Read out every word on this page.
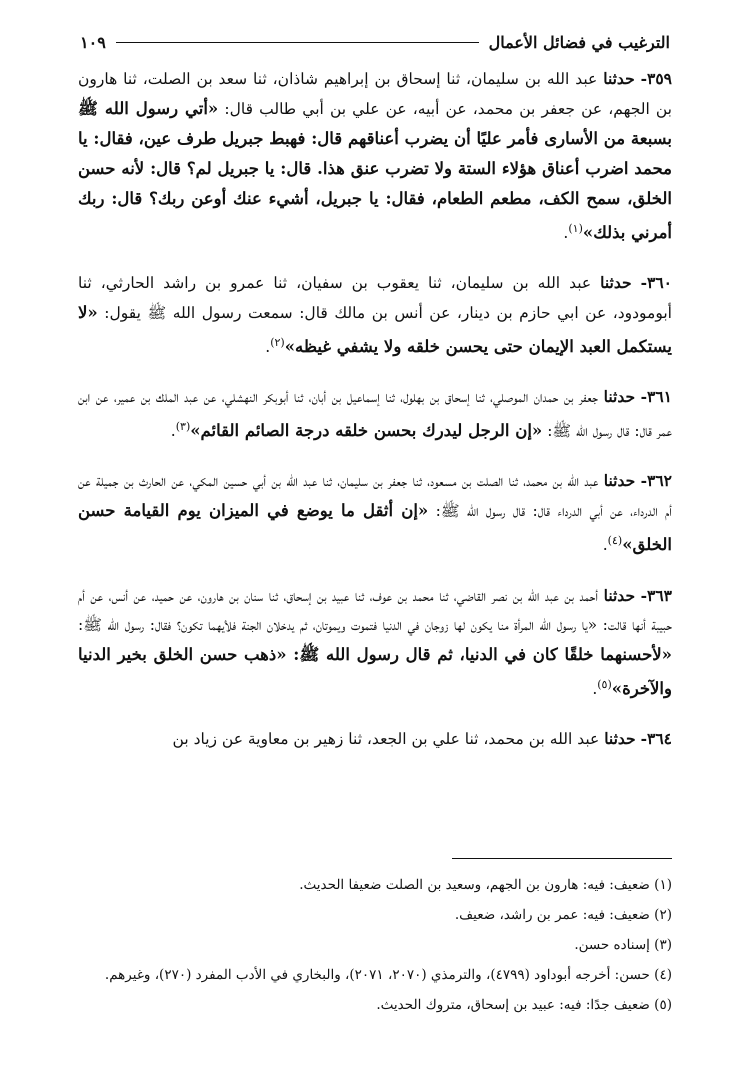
الترغيب في فضائل الأعمال
١٠٩

٣٥٩- حدثنا عبد الله بن سليمان، ثنا إسحاق بن إبراهيم شاذان، ثنا سعد بن الصلت، ثنا هارون بن الجهم، عن جعفر بن محمد، عن أبيه، عن علي بن أبي طالب قال: «أتي رسول الله ﷺ بسبعة من الأسارى فأمر عليًا أن يضرب أعناقهم قال: فهبط جبريل طرف عين، فقال: يا محمد اضرب أعناق هؤلاء الستة ولا تضرب عنق هذا. قال: يا جبريل لم؟ قال: لأنه حسن الخلق، سمح الكف، مطعم الطعام، فقال: يا جبريل، أشيء عنك أوعن ربك؟ قال: ربك أمرني بذلك»$^{(١)}$.

٣٦٠- حدثنا عبد الله بن سليمان، ثنا يعقوب بن سفيان، ثنا عمرو بن راشد الحارثي، ثنا أبومودود، عن ابي حازم بن دينار، عن أنس بن مالك قال: سمعت رسول الله ﷺ يقول: «لا يستكمل العبد الإيمان حتى يحسن خلقه ولا يشفي غيظه»$^{(٢)}$.

٣٦١- حدثنا جعفر بن حمدان الموصلي، ثنا إسحاق بن بهلول، ثنا إسماعيل بن أبان، ثنا أبوبكر النهشلي، عن عبد الملك بن عمير، عن ابن عمر قال: قال رسول الله ﷺ: «إن الرجل ليدرك بحسن خلقه درجة الصائم القائم»$^{(٣)}$.

٣٦٢- حدثنا عبد الله بن محمد، ثنا الصلت بن مسعود، ثنا جعفر بن سليمان، ثنا عبد الله بن أبي حسين المكي، عن الحارث بن جميلة عن أم الدرداء، عن أبي الدرداء قال: قال رسول الله ﷺ: «إن أثقل ما يوضع في الميزان يوم القيامة حسن الخلق»$^{(٤)}$.

٣٦٣- حدثنا أحمد بن عبد الله بن نصر القاضي، ثنا محمد بن عوف، ثنا عبيد بن إسحاق، ثنا سنان بن هارون، عن حميد، عن أنس، عن أم حبيبة أنها قالت: «يا رسول الله المرأة منا يكون لها زوجان في الدنيا فتموت ويموتان، ثم يدخلان الجنة فلأيهما تكون؟ فقال: رسول الله ﷺ: «لأحسنهما خلقًا كان في الدنيا، ثم قال رسول الله ﷺ: «ذهب حسن الخلق بخير الدنيا والآخرة»$^{(٥)}$.

٣٦٤- حدثنا عبد الله بن محمد، ثنا علي بن الجعد، ثنا زهير بن معاوية عن زياد بن

(١) ضعيف: فيه: هارون بن الجهم، وسعيد بن الصلت ضعيفا الحديث.

(٢) ضعيف: فيه: عمر بن راشد، ضعيف.

(٣) إسناده حسن.

(٤) حسن: أخرجه أبوداود (٤٧٩٩)، والترمذي (٢٠٧٠، ٢٠٧١)، والبخاري في الأدب المفرد (٢٧٠)، وغيرهم.

(٥) ضعيف جدًا: فيه: عبيد بن إسحاق، متروك الحديث.
